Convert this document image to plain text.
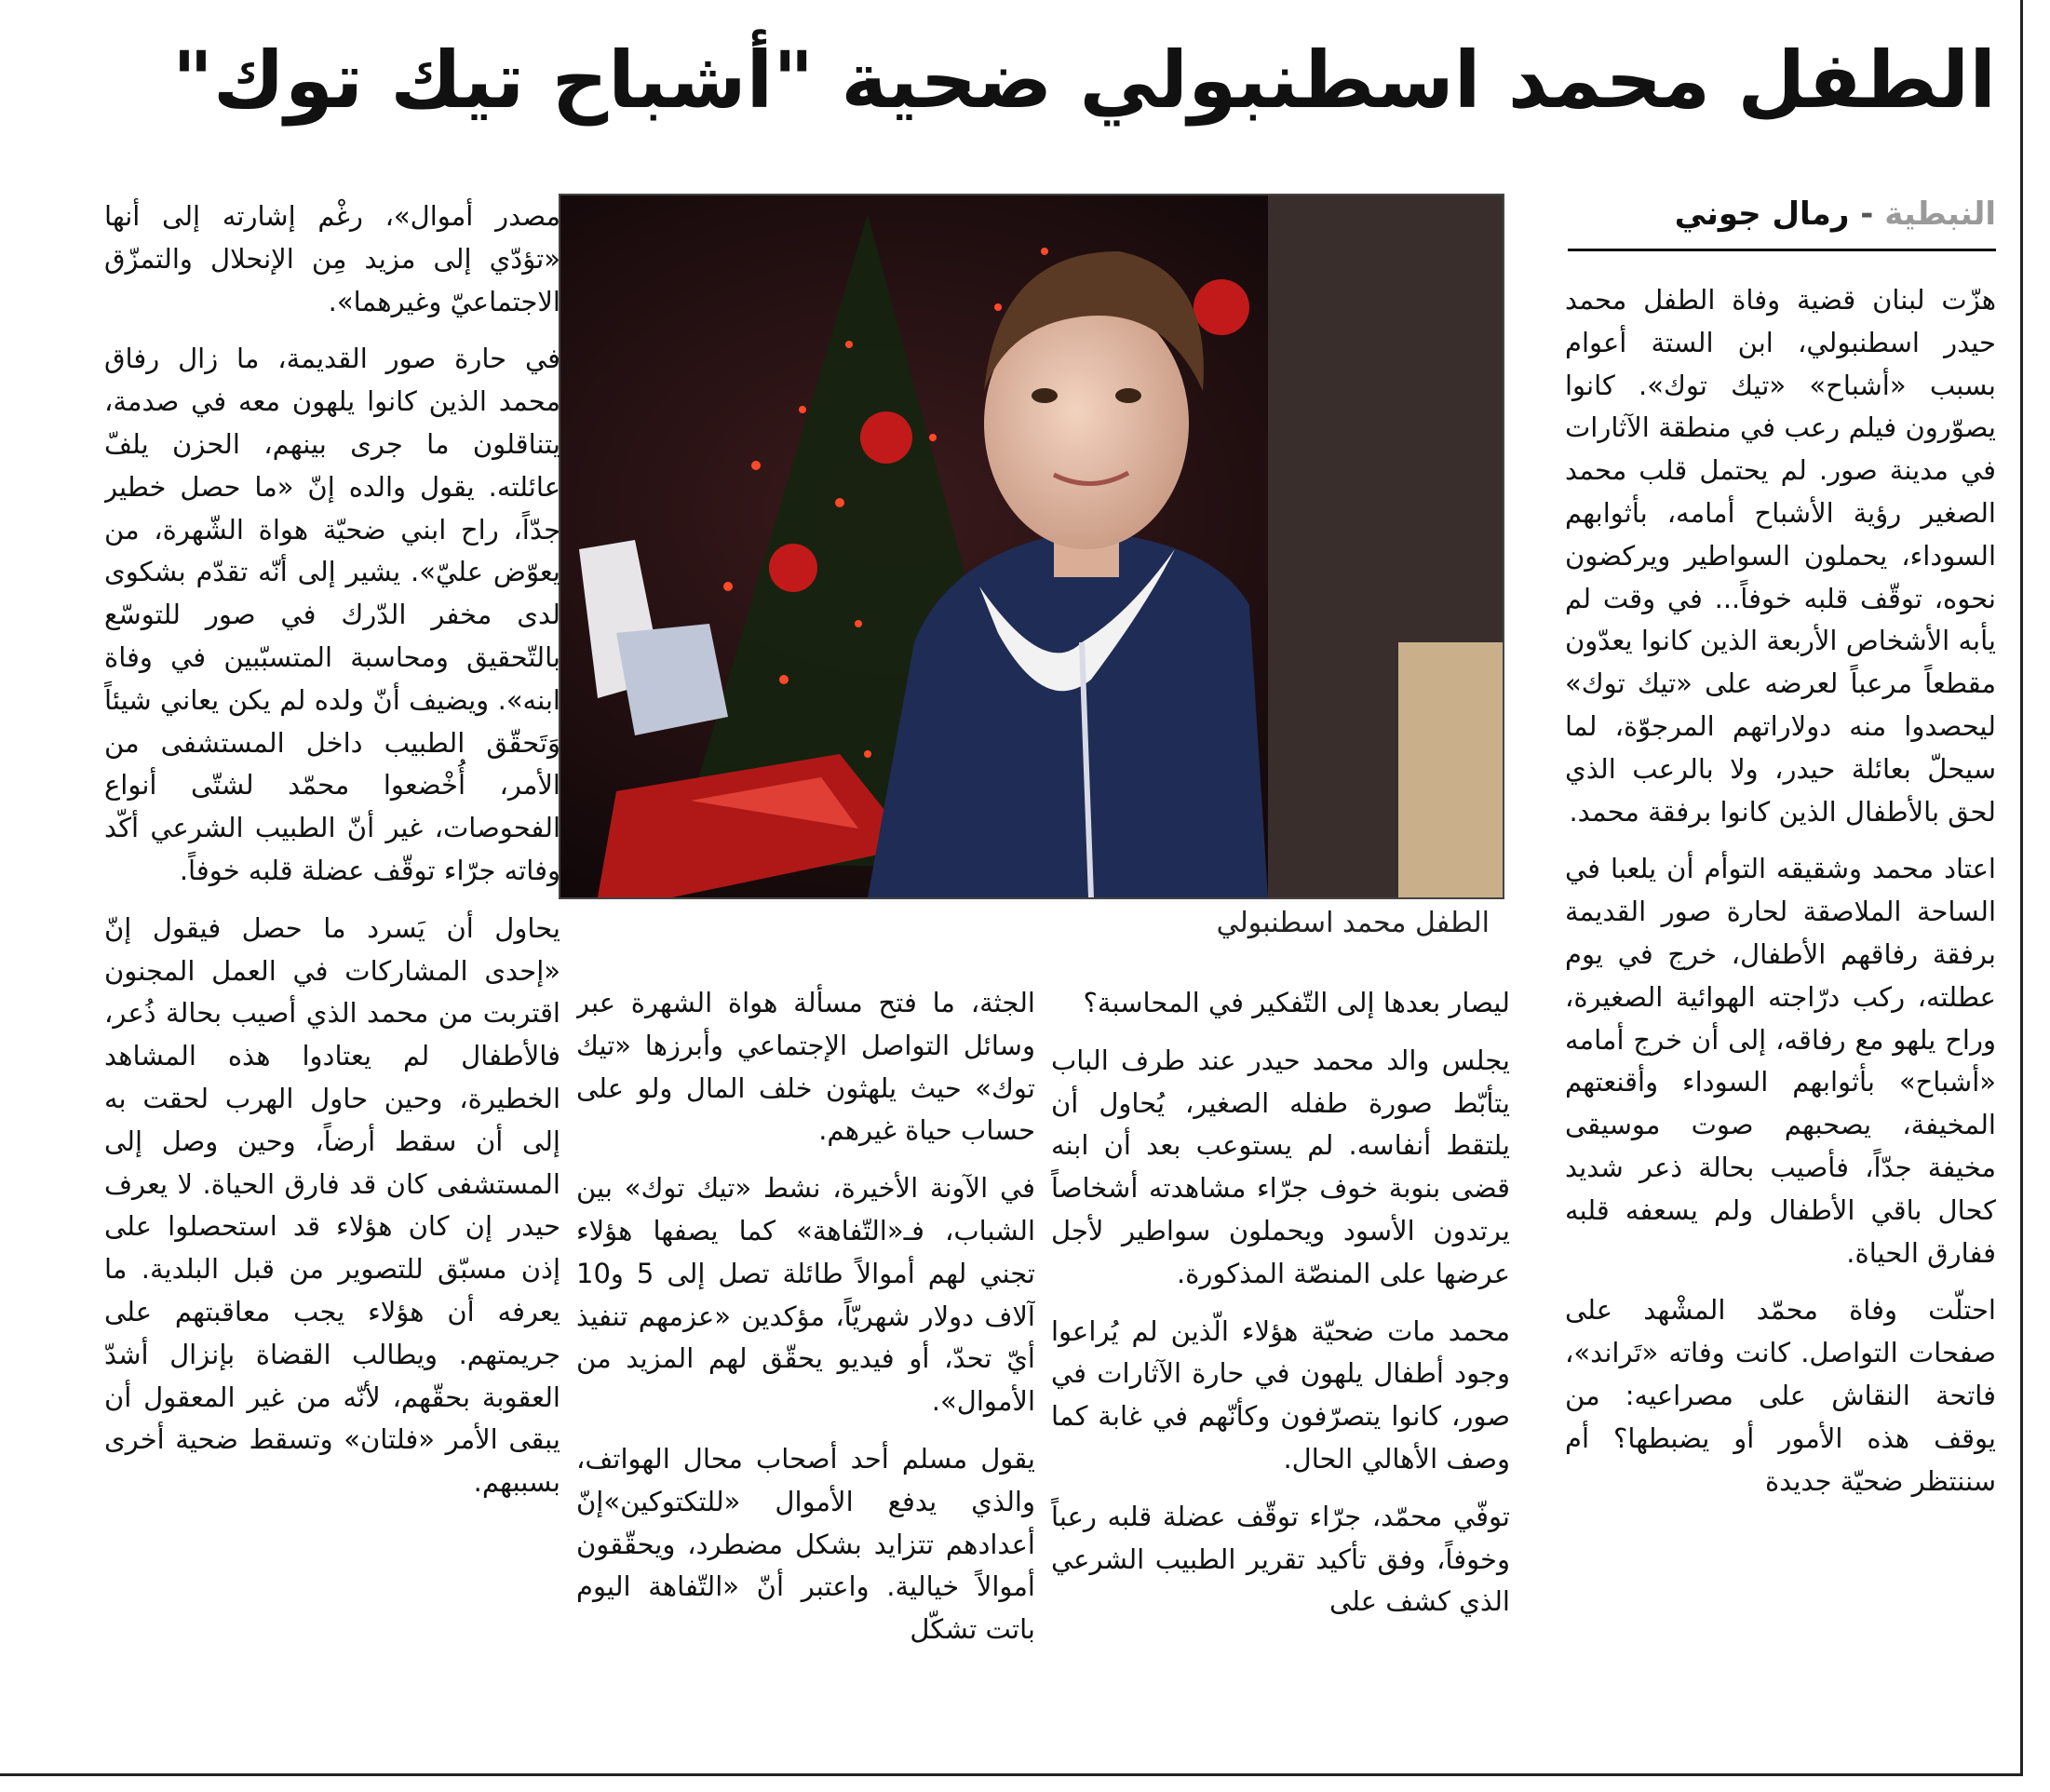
الطفل محمد اسطنبولي ضحية "أشباح تيك توك"
النبطية - رمال جوني

هزّت لبنان قضية وفاة الطفل محمد حيدر اسطنبولي، ابن الستة أعوام بسبب «أشباح» «تيك توك». كانوا يصوّرون فيلم رعب في منطقة الآثارات في مدينة صور. لم يحتمل قلب محمد الصغير رؤية الأشباح أمامه، بأثوابهم السوداء، يحملون السواطير ويركضون نحوه، توقّف قلبه خوفاً... في وقت لم يأبه الأشخاص الأربعة الذين كانوا يعدّون مقطعاً مرعباً لعرضه على «تيك توك» ليحصدوا منه دولاراتهم المرجوّة، لما سيحلّ بعائلة حيدر، ولا بالرعب الذي لحق بالأطفال الذين كانوا برفقة محمد.

اعتاد محمد وشقيقه التوأم أن يلعبا في الساحة الملاصقة لحارة صور القديمة برفقة رفاقهم الأطفال، خرج في يوم عطلته، ركب درّاجته الهوائية الصغيرة، وراح يلهو مع رفاقه، إلى أن خرج أمامه «أشباح» بأثوابهم السوداء وأقنعتهم المخيفة، يصحبهم صوت موسيقى مخيفة جدّاً، فأصيب بحالة ذعر شديد كحال باقي الأطفال ولم يسعفه قلبه ففارق الحياة.

احتلّت وفاة محمّد المشْهد على صفحات التواصل. كانت وفاته «تَراند»، فاتحة النقاش على مصراعيه: من يوقف هذه الأمور أو يضبطها؟ أم سننتظر ضحيّة جديدة

الطفل محمد اسطنبولي

ليصار بعدها إلى التّفكير في المحاسبة؟

يجلس والد محمد حيدر عند طرف الباب يتأبّط صورة طفله الصغير، يُحاول أن يلتقط أنفاسه. لم يستوعب بعد أن ابنه قضى بنوبة خوف جرّاء مشاهدته أشخاصاً يرتدون الأسود ويحملون سواطير لأجل عرضها على المنصّة المذكورة.

محمد مات ضحيّة هؤلاء الّذين لم يُراعوا وجود أطفال يلهون في حارة الآثارات في صور، كانوا يتصرّفون وكأنّهم في غابة كما وصف الأهالي الحال.

توفّي محمّد، جرّاء توقّف عضلة قلبه رعباً وخوفاً، وفق تأكيد تقرير الطبيب الشرعي الذي كشف على

الجثة، ما فتح مسألة هواة الشهرة عبر وسائل التواصل الإجتماعي وأبرزها «تيك توك» حيث يلهثون خلف المال ولو على حساب حياة غيرهم.

في الآونة الأخيرة، نشط «تيك توك» بين الشباب، فـ«التّفاهة» كما يصفها هؤلاء تجني لهم أموالاً طائلة تصل إلى 5 و10 آلاف دولار شهريّاً، مؤكدين «عزمهم تنفيذ أيّ تحدّ، أو فيديو يحقّق لهم المزيد من الأموال».

يقول مسلم أحد أصحاب محال الهواتف، والذي يدفع الأموال «للتكتوكين»إنّ أعدادهم تتزايد بشكل مضطرد، ويحقّقون أموالاً خيالية. واعتبر أنّ «التّفاهة اليوم باتت تشكّل

مصدر أموال»، رغْم إشارته إلى أنها «تؤدّي إلى مزيد مِن الإنحلال والتمزّق الاجتماعيّ وغيرهما».

في حارة صور القديمة، ما زال رفاق محمد الذين كانوا يلهون معه في صدمة، يتناقلون ما جرى بينهم، الحزن يلفّ عائلته. يقول والده إنّ «ما حصل خطير جدّاً، راح ابني ضحيّة هواة الشّهرة، من يعوّض عليّ». يشير إلى أنّه تقدّم بشكوى لدى مخفر الدّرك في صور للتوسّع بالتّحقيق ومحاسبة المتسبّبين في وفاة ابنه». ويضيف أنّ ولده لم يكن يعاني شيئاً وَتَحقّق الطبيب داخل المستشفى من الأمر، أُخْضعوا محمّد لشتّى أنواع الفحوصات، غير أنّ الطبيب الشرعي أكّد وفاته جرّاء توقّف عضلة قلبه خوفاً.

يحاول أن يَسرد ما حصل فيقول إنّ «إحدى المشاركات في العمل المجنون اقتربت من محمد الذي أصيب بحالة ذُعر، فالأطفال لم يعتادوا هذه المشاهد الخطيرة، وحين حاول الهرب لحقت به إلى أن سقط أرضاً، وحين وصل إلى المستشفى كان قد فارق الحياة. لا يعرف حيدر إن كان هؤلاء قد استحصلوا على إذن مسبّق للتصوير من قبل البلدية. ما يعرفه أن هؤلاء يجب معاقبتهم على جريمتهم. ويطالب القضاة بإنزال أشدّ العقوبة بحقّهم، لأنّه من غير المعقول أن يبقى الأمر «فلتان» وتسقط ضحية أخرى بسببهم.
